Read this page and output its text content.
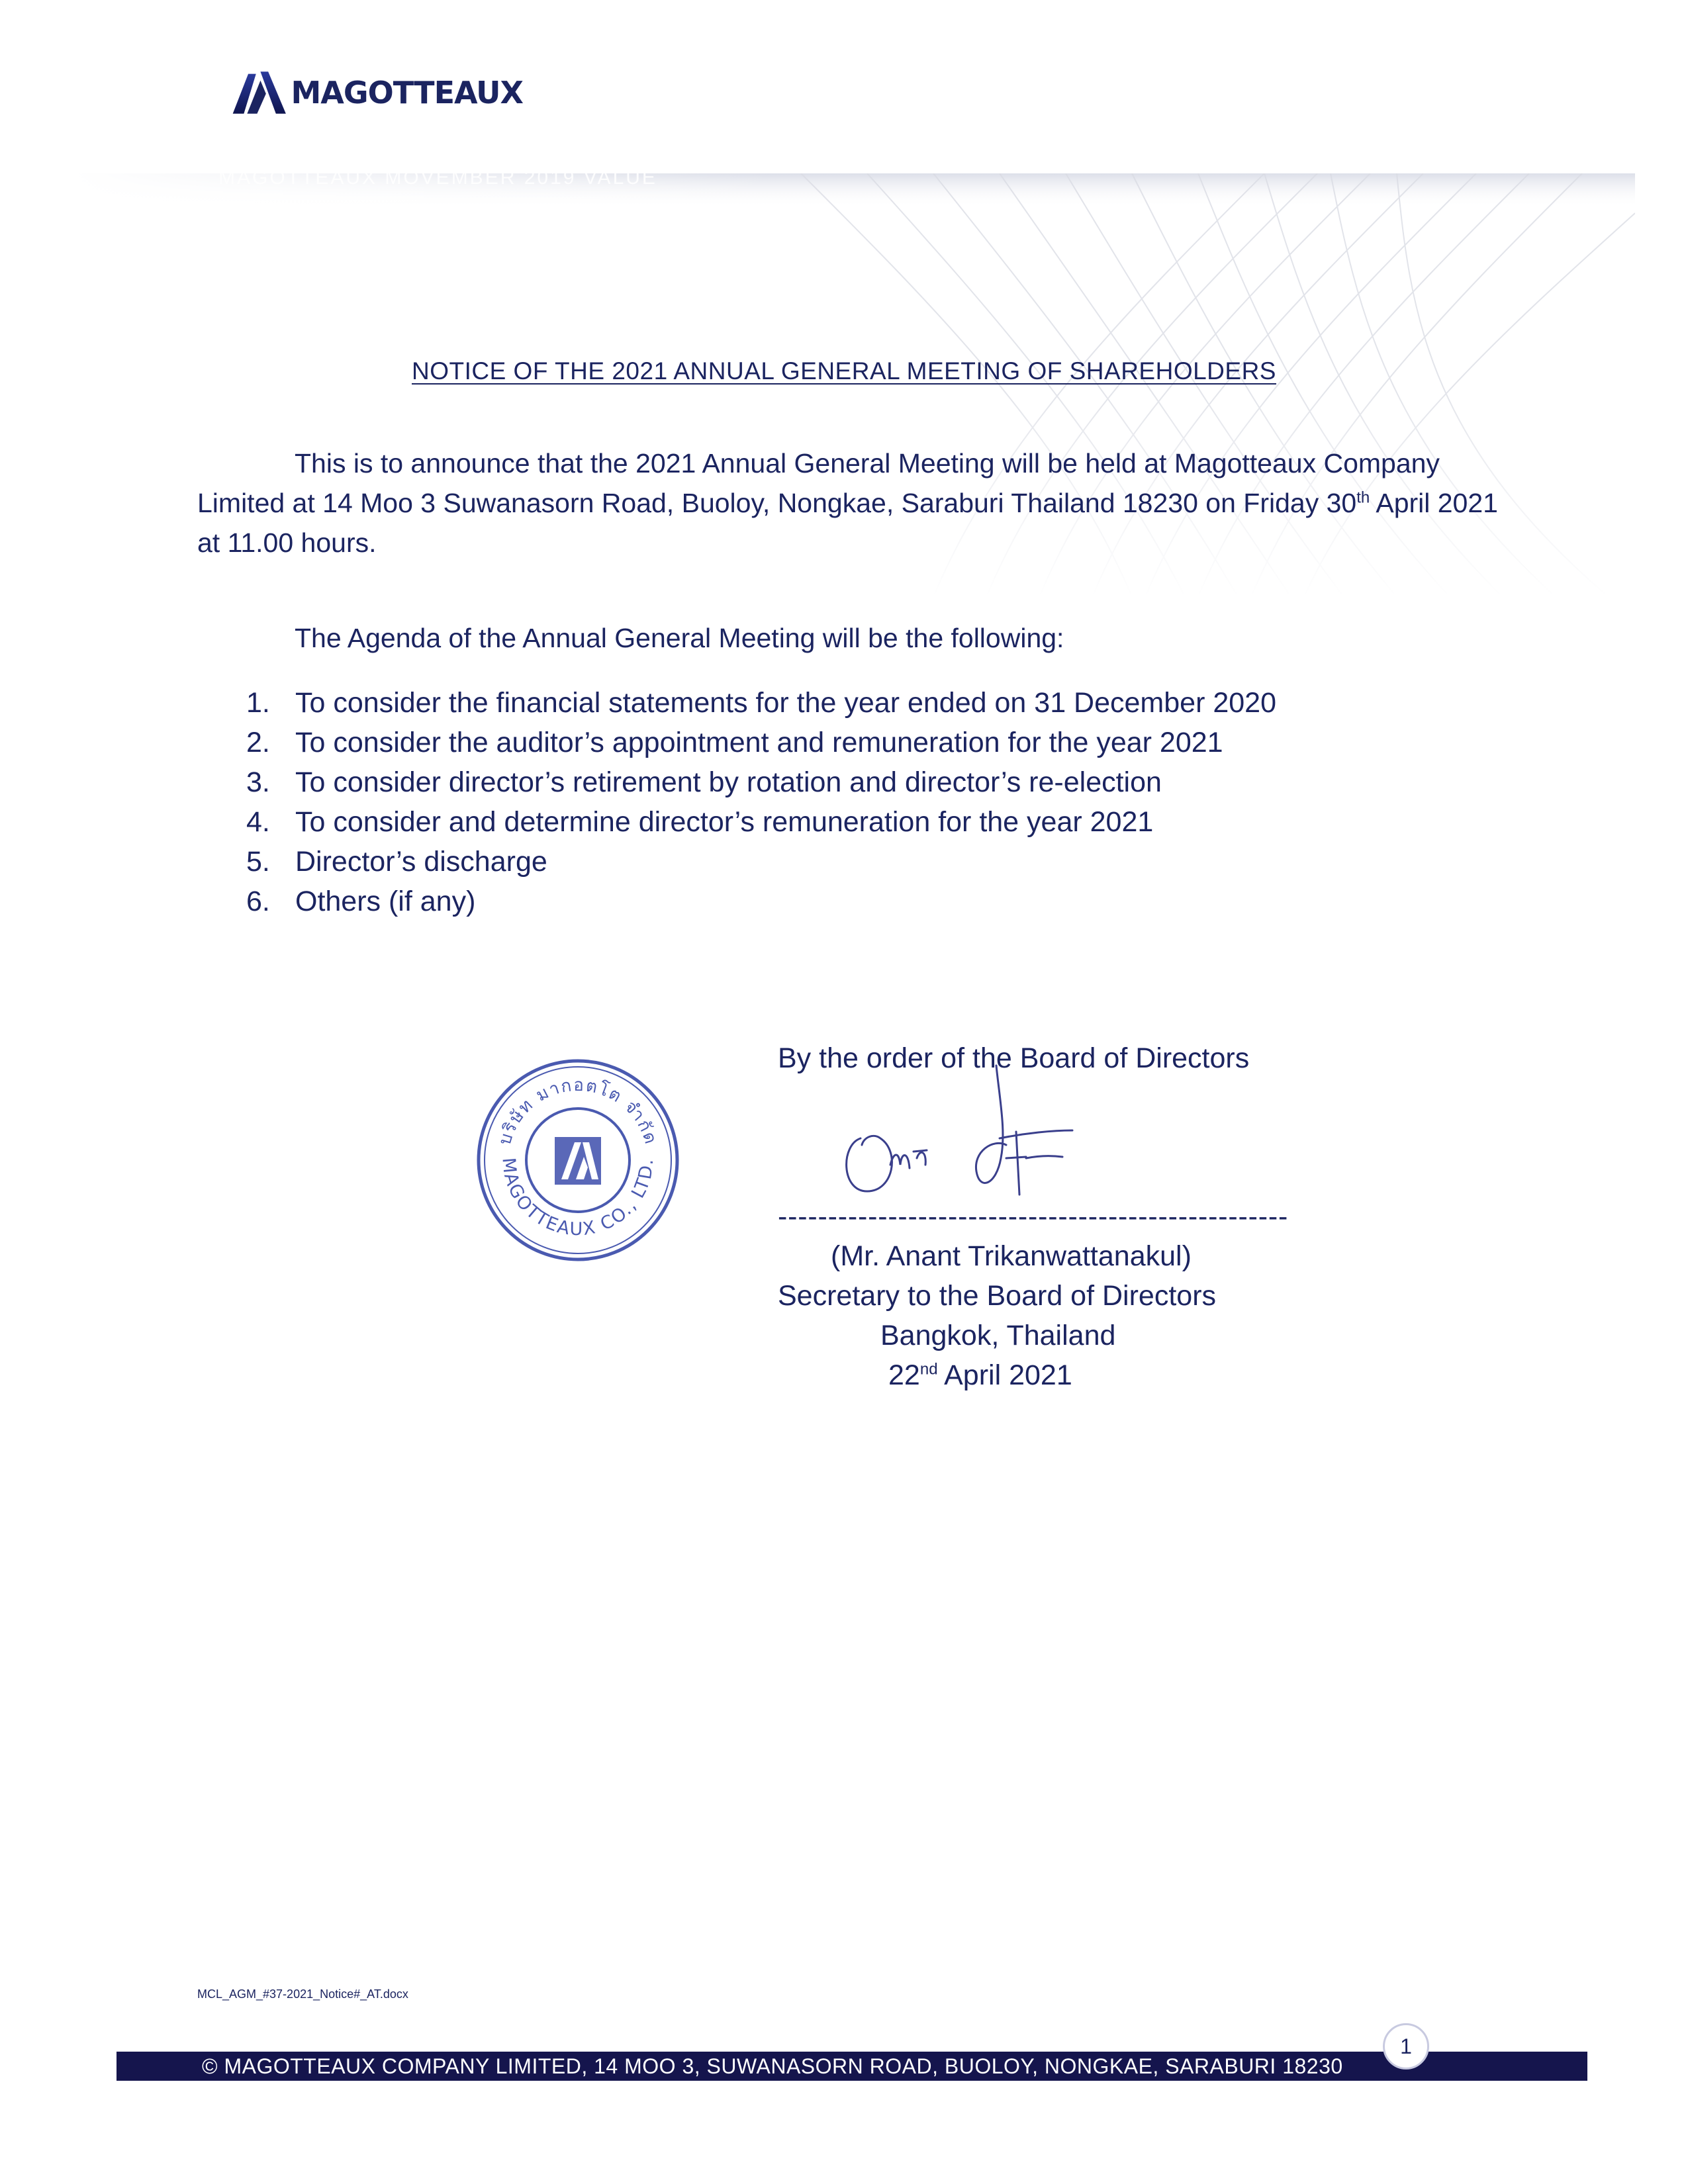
MAGOTTEAUX
MAGOTTEAUX MOVEMBER 2019 VALUE
NOTICE OF THE 2021 ANNUAL GENERAL MEETING OF SHAREHOLDERS
This is to announce that the 2021 Annual General Meeting will be held at Magotteaux Company Limited at 14 Moo 3 Suwanasorn Road, Buoloy, Nongkae, Saraburi Thailand 18230 on Friday 30th April 2021 at 11.00 hours.
The Agenda of the Annual General Meeting will be the following:
1. To consider the financial statements for the year ended on 31 December 2020
2. To consider the auditor’s appointment and remuneration for the year 2021
3. To consider director’s retirement by rotation and director’s re-election
4. To consider and determine director’s remuneration for the year 2021
5. Director’s discharge
6. Others (if any)
บริษัท มากอตโต จำกัด
MAGOTTEAUX CO., LTD.
By the order of the Board of Directors
---------------------------------------------------
(Mr. Anant Trikanwattanakul)
Secretary to the Board of Directors
Bangkok, Thailand
22nd April 2021
MCL_AGM_#37-2021_Notice#_AT.docx
© MAGOTTEAUX COMPANY LIMITED, 14 MOO 3, SUWANASORN ROAD, BUOLOY, NONGKAE, SARABURI 18230
1
